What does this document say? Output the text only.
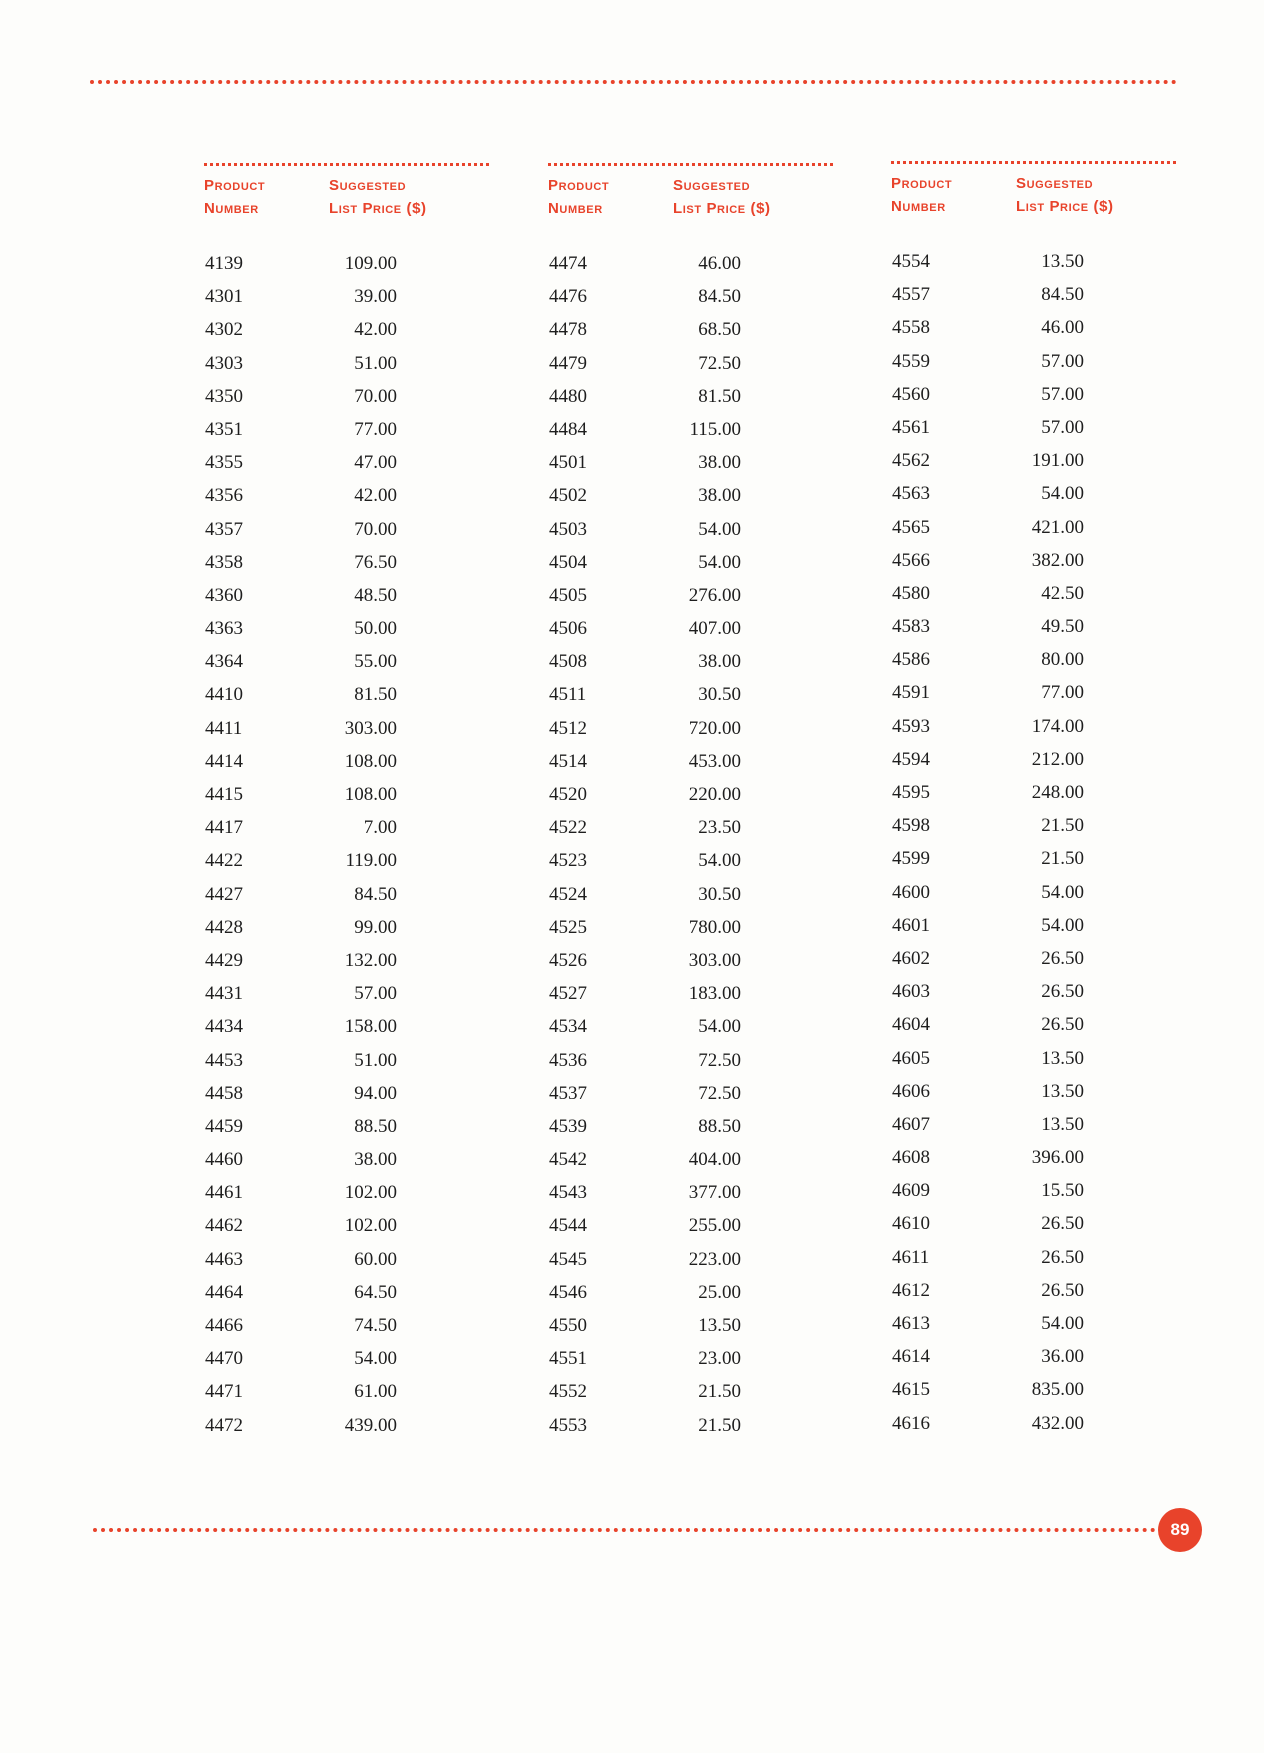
Product
Number
Suggested
List Price ($)
4139	109.00
4301	39.00
4302	42.00
4303	51.00
4350	70.00
4351	77.00
4355	47.00
4356	42.00
4357	70.00
4358	76.50
4360	48.50
4363	50.00
4364	55.00
4410	81.50
4411	303.00
4414	108.00
4415	108.00
4417	7.00
4422	119.00
4427	84.50
4428	99.00
4429	132.00
4431	57.00
4434	158.00
4453	51.00
4458	94.00
4459	88.50
4460	38.00
4461	102.00
4462	102.00
4463	60.00
4464	64.50
4466	74.50
4470	54.00
4471	61.00
4472	439.00
Product
Number
Suggested
List Price ($)
4474	46.00
4476	84.50
4478	68.50
4479	72.50
4480	81.50
4484	115.00
4501	38.00
4502	38.00
4503	54.00
4504	54.00
4505	276.00
4506	407.00
4508	38.00
4511	30.50
4512	720.00
4514	453.00
4520	220.00
4522	23.50
4523	54.00
4524	30.50
4525	780.00
4526	303.00
4527	183.00
4534	54.00
4536	72.50
4537	72.50
4539	88.50
4542	404.00
4543	377.00
4544	255.00
4545	223.00
4546	25.00
4550	13.50
4551	23.00
4552	21.50
4553	21.50
Product
Number
Suggested
List Price ($)
4554	13.50
4557	84.50
4558	46.00
4559	57.00
4560	57.00
4561	57.00
4562	191.00
4563	54.00
4565	421.00
4566	382.00
4580	42.50
4583	49.50
4586	80.00
4591	77.00
4593	174.00
4594	212.00
4595	248.00
4598	21.50
4599	21.50
4600	54.00
4601	54.00
4602	26.50
4603	26.50
4604	26.50
4605	13.50
4606	13.50
4607	13.50
4608	396.00
4609	15.50
4610	26.50
4611	26.50
4612	26.50
4613	54.00
4614	36.00
4615	835.00
4616	432.00
89
